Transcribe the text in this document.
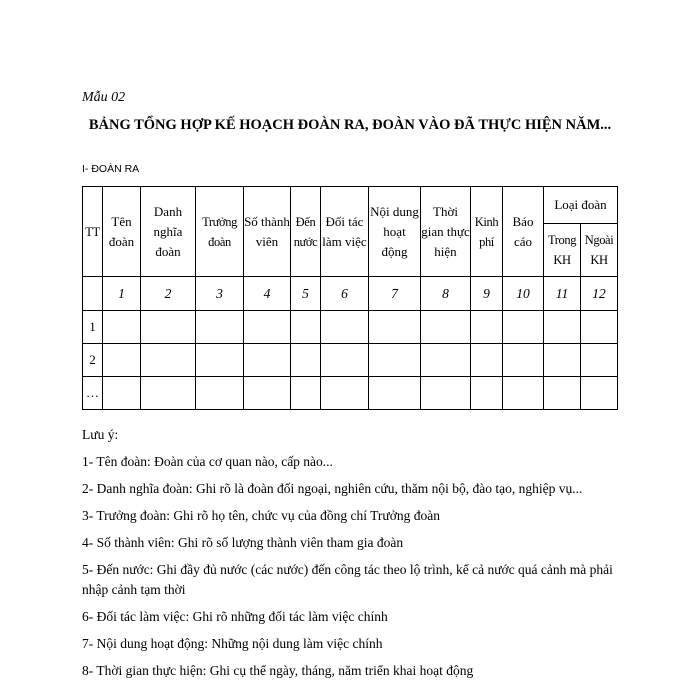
Mẫu 02
BẢNG TỔNG HỢP KẾ HOẠCH ĐOÀN RA, ĐOÀN VÀO ĐÃ THỰC HIỆN NĂM...
I- ĐOÀN RA
TT	Tên đoàn	Danh nghĩa đoàn	Trưởng đoàn	Số thành viên	Đến nước	Đối tác làm việc	Nội dung hoạt động	Thời gian thực hiện	Kinh phí	Báo cáo	Loại đoàn	
											Trong KH	Ngoài KH
	1	2	3	4	5	6	7	8	9	10	11	12
1												
2												
…												
Lưu ý:
1- Tên đoàn: Đoàn của cơ quan nào, cấp nào...
2- Danh nghĩa đoàn: Ghi rõ là đoàn đối ngoại, nghiên cứu, thăm nội bộ, đào tạo, nghiệp vụ...
3- Trưởng đoàn: Ghi rõ họ tên, chức vụ của đồng chí Trưởng đoàn
4- Số thành viên: Ghi rõ số lượng thành viên tham gia đoàn
5- Đến nước: Ghi đầy đủ nước (các nước) đến công tác theo lộ trình, kể cả nước quá cảnh mà phải nhập cảnh tạm thời
6- Đối tác làm việc: Ghi rõ những đối tác làm việc chính
7- Nội dung hoạt động: Những nội dung làm việc chính
8- Thời gian thực hiện: Ghi cụ thể ngày, tháng, năm triển khai hoạt động
